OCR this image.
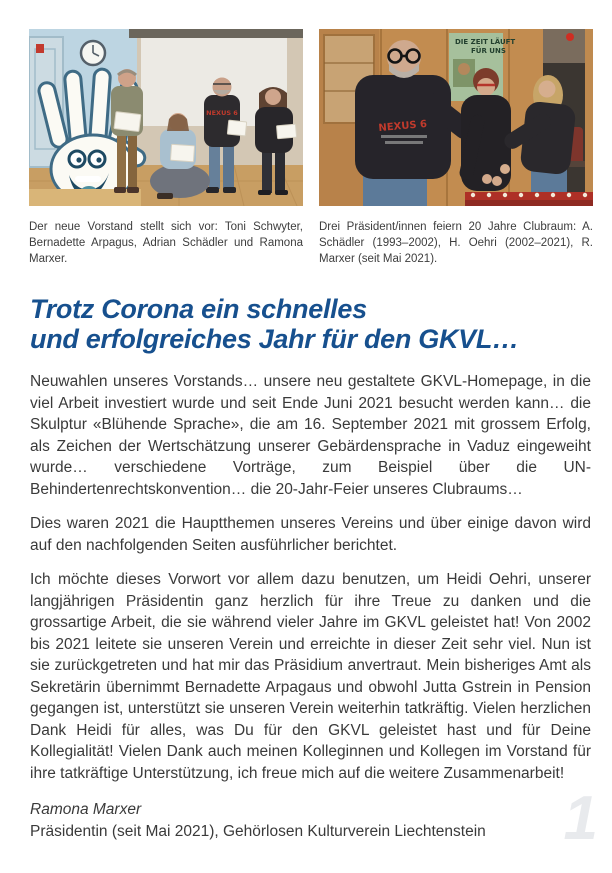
NEXUS 6
Der neue Vorstand stellt sich vor: Toni Schwyter, Bernadette Arpagus, Adrian Schädler und Ramona Marxer.
DIE ZEIT LÄUFT
FÜR UNS
NEXUS 6
Drei Präsident/innen feiern 20 Jahre Clubraum: A. Schädler (1993–2002), H. Oehri (2002–2021), R. Marxer (seit Mai 2021).
Trotz Corona ein schnelles
und erfolgreiches Jahr für den GKVL…

Neuwahlen unseres Vorstands… unsere neu gestaltete GKVL-Homepage, in die viel Arbeit investiert wurde und seit Ende Juni 2021 besucht werden kann… die Skulptur «Blühende Sprache», die am 16. September 2021 mit grossem Erfolg, als Zeichen der Wertschätzung unserer Gebärdensprache in Vaduz eingeweiht wurde… verschiedene Vorträge, zum Beispiel über die UN-Behindertenrechtskonvention… die 20-Jahr-Feier unseres Clubraums…

Dies waren 2021 die Hauptthemen unseres Vereins und über einige davon wird auf den nachfolgenden Seiten ausführlicher berichtet.

Ich möchte dieses Vorwort vor allem dazu benutzen, um Heidi Oehri, unserer langjährigen Präsidentin ganz herzlich für ihre Treue zu danken und die grossartige Arbeit, die sie während vieler Jahre im GKVL geleistet hat! Von 2002 bis 2021 leitete sie unseren Verein und erreichte in dieser Zeit sehr viel. Nun ist sie zurückgetreten und hat mir das Präsidium anvertraut. Mein bisheriges Amt als Sekretärin übernimmt Bernadette Arpagaus und obwohl Jutta Gstrein in Pension gegangen ist, unterstützt sie unseren Verein weiterhin tatkräftig. Vielen herzlichen Dank Heidi für alles, was Du für den GKVL geleistet hast und für Deine Kollegialität! Vielen Dank auch meinen Kolleginnen und Kollegen im Vorstand für ihre tatkräftige Unterstützung, ich freue mich auf die weitere Zusammenarbeit!

Ramona Marxer

Präsidentin (seit Mai 2021), Gehörlosen Kulturverein Liechtenstein	1
